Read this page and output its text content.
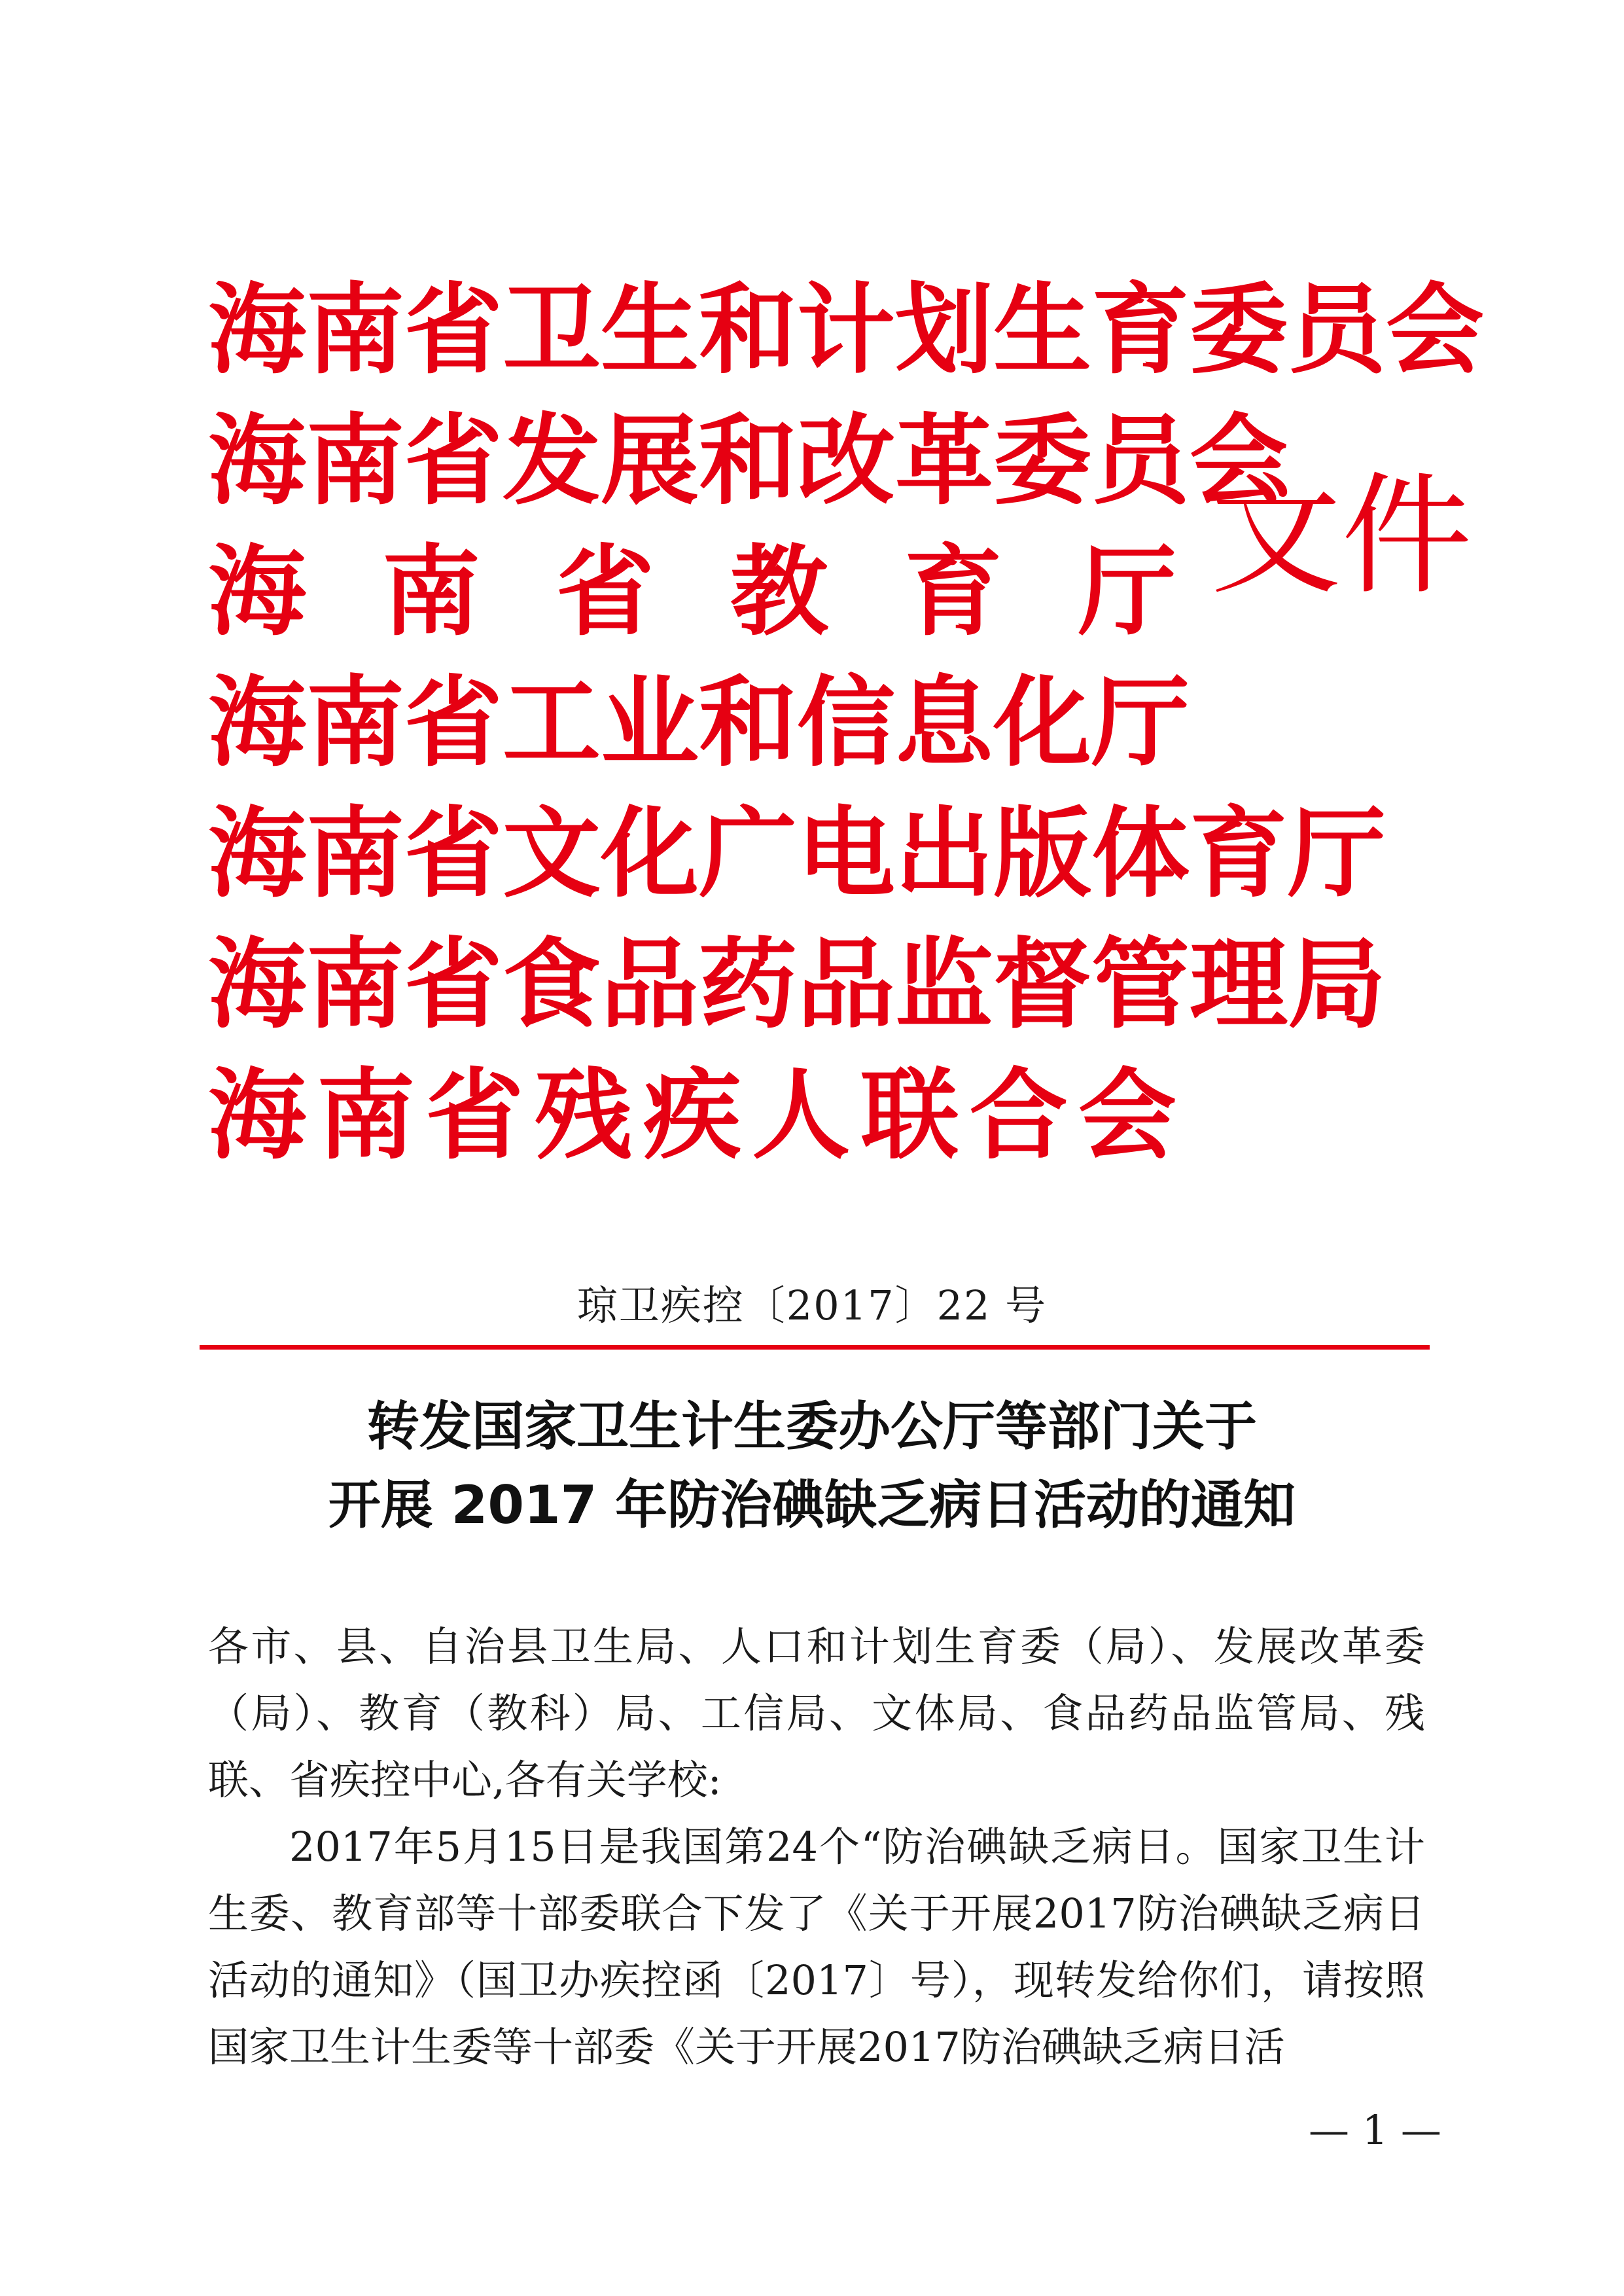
海南省卫生和计划生育委员会
海南省发展和改革委员会
海 南 省 教 育 厅
海南省工业和信息化厅
海南省文化广电出版体育厅
海南省食品药品监督管理局
海 南 省 残 疾 人 联 合 会
文件
琼卫疾控〔2017〕22 号
转发国家卫生计生委办公厅等部门关于
开展 2017 年防治碘缺乏病日活动的通知

各市、县、自治县卫生局、人口和计划生育委（局）、发展改革委（局）、教育（教科）局、工信局、文体局、食品药品监管局、残联、省疾控中心,各有关学校:

2017年5月15日是我国第24个“防治碘缺乏病日。国家卫生计生委、教育部等十部委联合下发了《关于开展2017防治碘缺乏病日活动的通知》（国卫办疾控函〔2017〕号），现转发给你们，请按照国家卫生计生委等十部委《关于开展2017防治碘缺乏病日活

— 1 —
